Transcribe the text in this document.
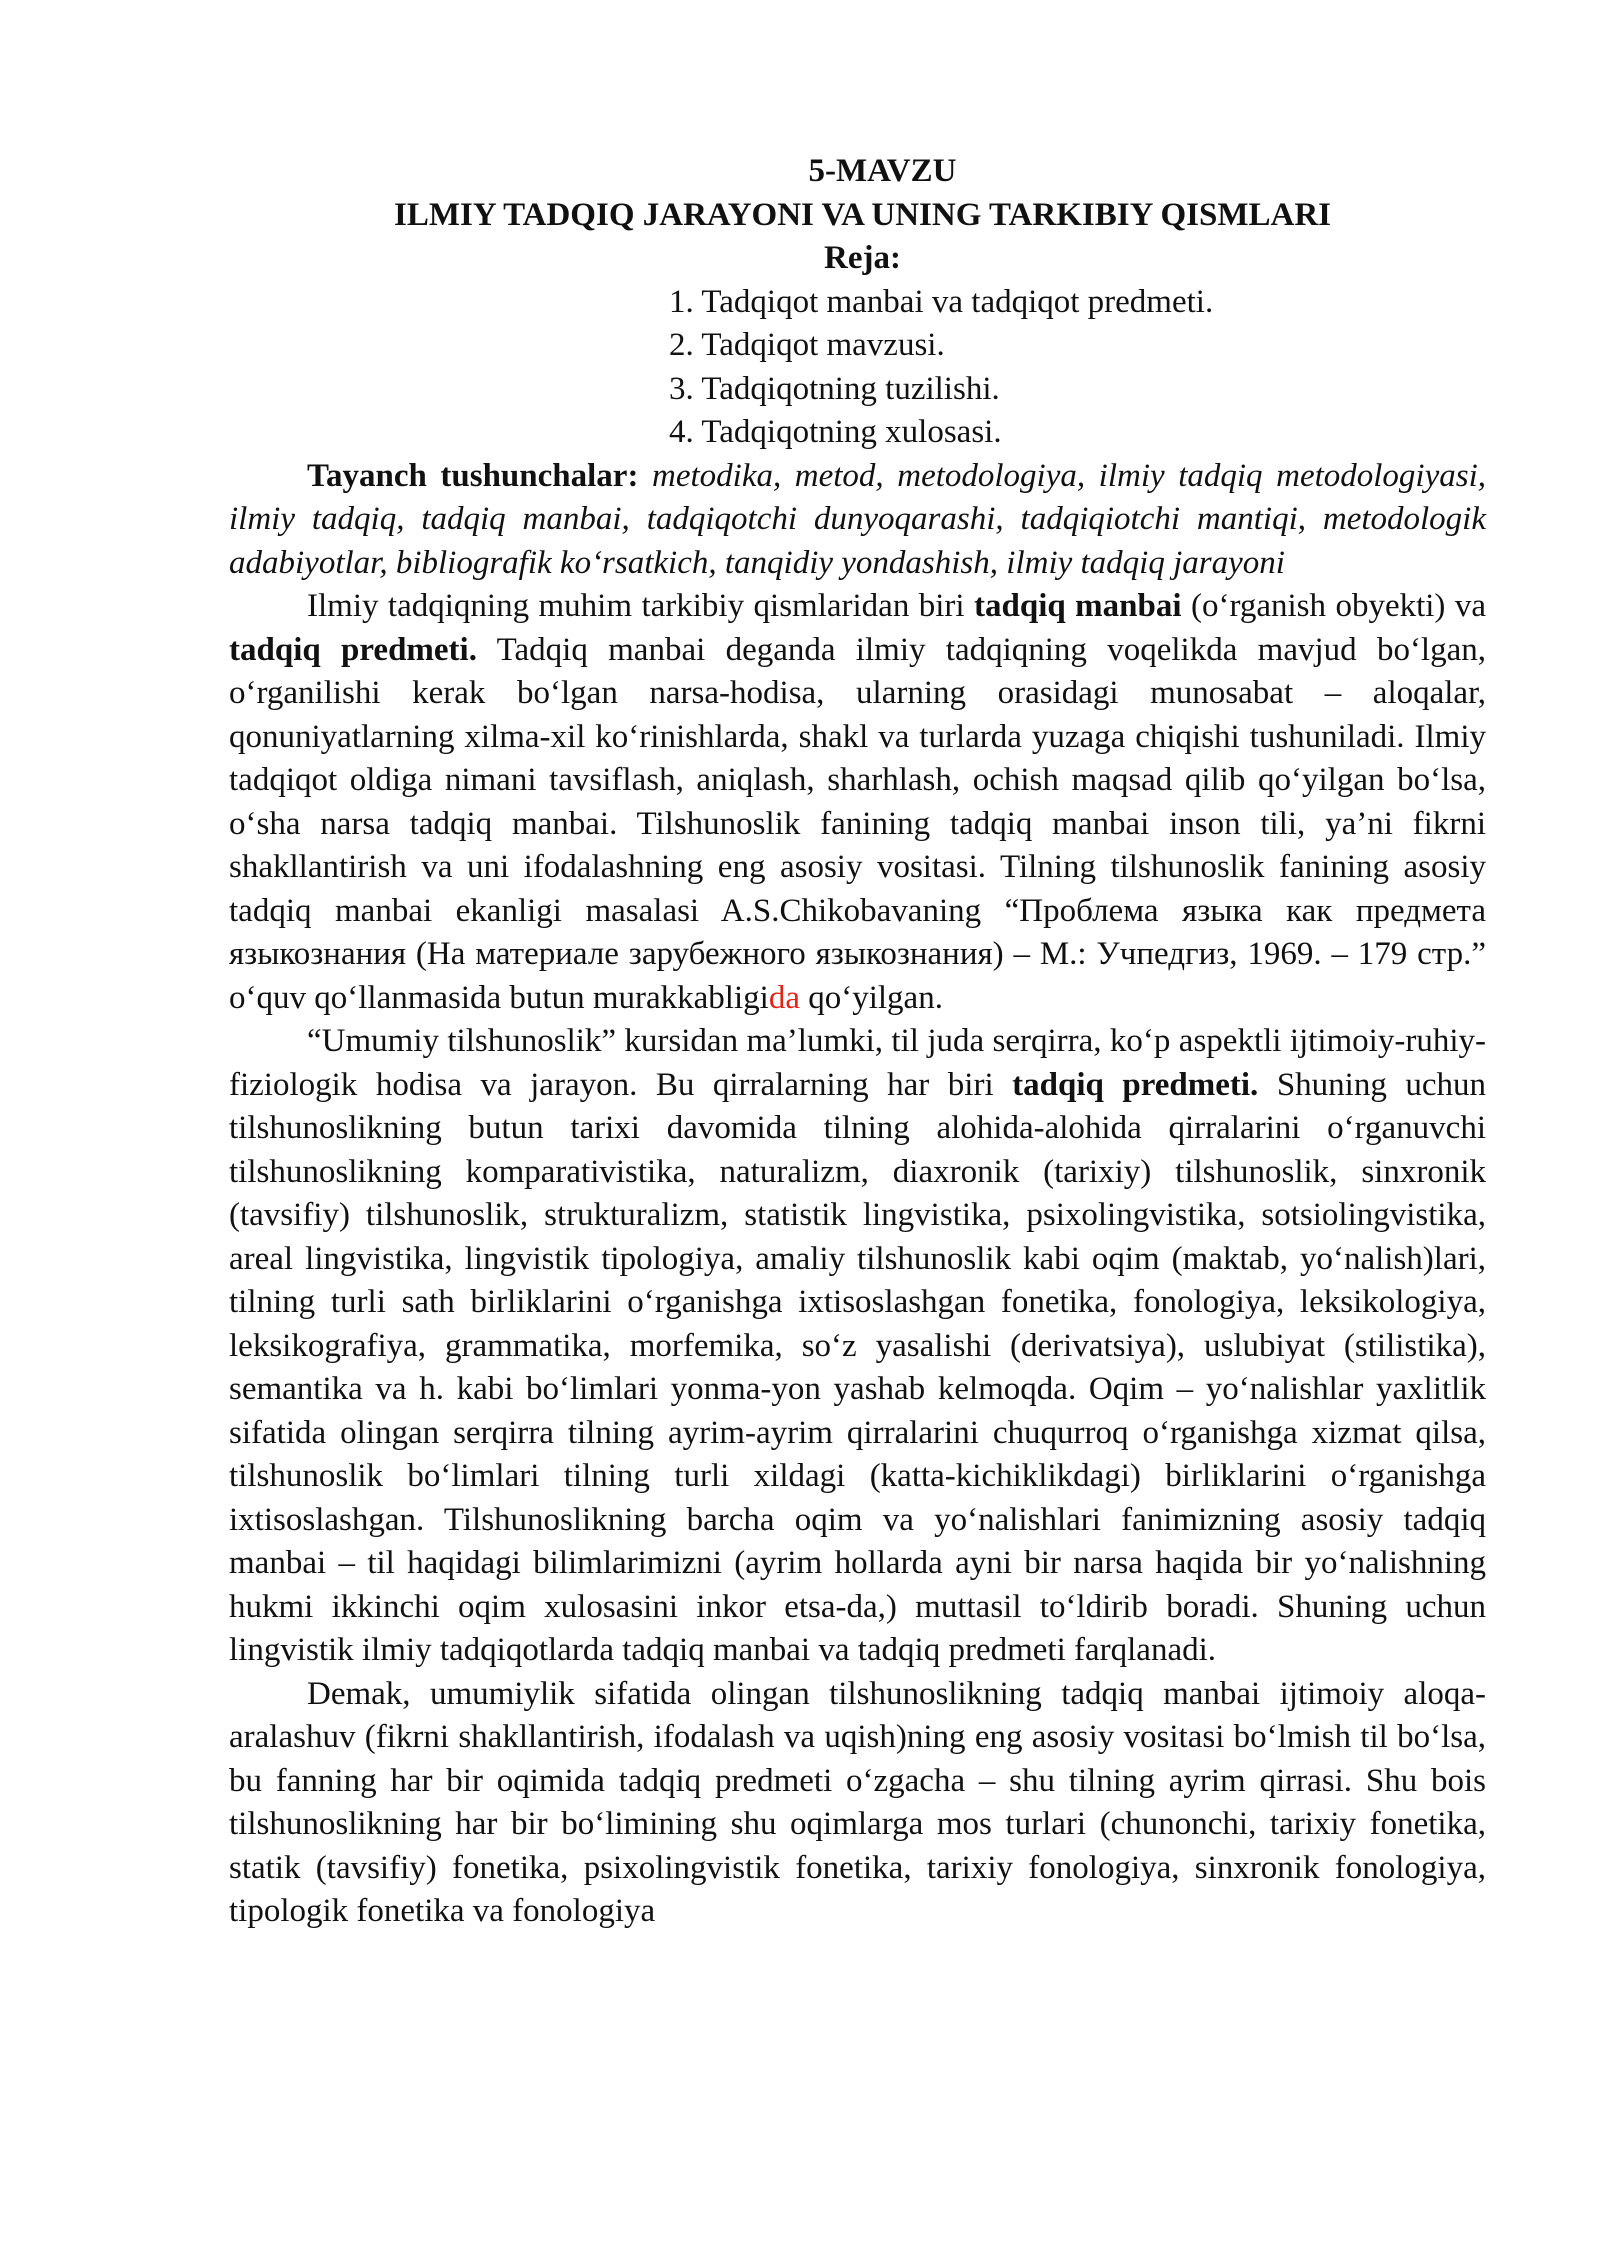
5-MAVZU
ILMIY TADQIQ JARAYONI VA UNING TARKIBIY QISMLARI
Reja:
1. Tadqiqot manbai va tadqiqot predmeti.
2. Tadqiqot mavzusi.
3. Tadqiqotning tuzilishi.
4. Tadqiqotning xulosasi.

Tayanch tushunchalar: metodika, metod, metodologiya, ilmiy tadqiq metodologiyasi, ilmiy tadqiq, tadqiq manbai, tadqiqotchi dunyoqarashi, tadqiqiotchi mantiqi, metodologik adabiyotlar, bibliografik ko‘rsatkich, tanqidiy yondashish, ilmiy tadqiq jarayoni

Ilmiy tadqiqning muhim tarkibiy qismlaridan biri tadqiq manbai (o‘rganish obyekti) va tadqiq predmeti. Tadqiq manbai deganda ilmiy tadqiqning voqelikda mavjud bo‘lgan, o‘rganilishi kerak bo‘lgan narsa-hodisa, ularning orasidagi munosabat – aloqalar, qonuniyatlarning xilma-xil ko‘rinishlarda, shakl va turlarda yuzaga chiqishi tushuniladi. Ilmiy tadqiqot oldiga nimani tavsiflash, aniqlash, sharhlash, ochish maqsad qilib qo‘yilgan bo‘lsa, o‘sha narsa tadqiq manbai. Tilshunoslik fanining tadqiq manbai inson tili, ya’ni fikrni shakllantirish va uni ifodalashning eng asosiy vositasi. Tilning tilshunoslik fanining asosiy tadqiq manbai ekanligi masalasi A.S.Chikobavaning “Проблема языка как предмета языкознания (На материале зарубежного языкознания) – М.: Учпедгиз, 1969. – 179 стр.” o‘quv qo‘llanmasida butun murakkabligida qo‘yilgan.

“Umumiy tilshunoslik” kursidan ma’lumki, til juda serqirra, ko‘p aspektli ijtimoiy-ruhiy-fiziologik hodisa va jarayon. Bu qirralarning har biri tadqiq predmeti. Shuning uchun tilshunoslikning butun tarixi davomida tilning alohida-alohida qirralarini o‘rganuvchi tilshunoslikning komparativistika, naturalizm, diaxronik (tarixiy) tilshunoslik, sinxronik (tavsifiy) tilshunoslik, strukturalizm, statistik lingvistika, psixolingvistika, sotsiolingvistika, areal lingvistika, lingvistik tipologiya, amaliy tilshunoslik kabi oqim (maktab, yo‘nalish)lari, tilning turli sath birliklarini o‘rganishga ixtisoslashgan fonetika, fonologiya, leksikologiya, leksikografiya, grammatika, morfemika, so‘z yasalishi (derivatsiya), uslubiyat (stilistika), semantika va h. kabi bo‘limlari yonma-yon yashab kelmoqda. Oqim – yo‘nalishlar yaxlitlik sifatida olingan serqirra tilning ayrim-ayrim qirralarini chuqurroq o‘rganishga xizmat qilsa, tilshunoslik bo‘limlari tilning turli xildagi (katta-kichiklikdagi) birliklarini o‘rganishga ixtisoslashgan. Tilshunoslikning barcha oqim va yo‘nalishlari fanimizning asosiy tadqiq manbai – til haqidagi bilimlarimizni (ayrim hollarda ayni bir narsa haqida bir yo‘nalishning hukmi ikkinchi oqim xulosasini inkor etsa-da,) muttasil to‘ldirib boradi. Shuning uchun lingvistik ilmiy tadqiqotlarda tadqiq manbai va tadqiq predmeti farqlanadi.

Demak, umumiylik sifatida olingan tilshunoslikning tadqiq manbai ijtimoiy aloqa-aralashuv (fikrni shakllantirish, ifodalash va uqish)ning eng asosiy vositasi bo‘lmish til bo‘lsa, bu fanning har bir oqimida tadqiq predmeti o‘zgacha – shu tilning ayrim qirrasi. Shu bois tilshunoslikning har bir bo‘limining shu oqimlarga mos turlari (chunonchi, tarixiy fonetika, statik (tavsifiy) fonetika, psixolingvistik fonetika, tarixiy fonologiya, sinxronik fonologiya, tipologik fonetika va fonologiya
